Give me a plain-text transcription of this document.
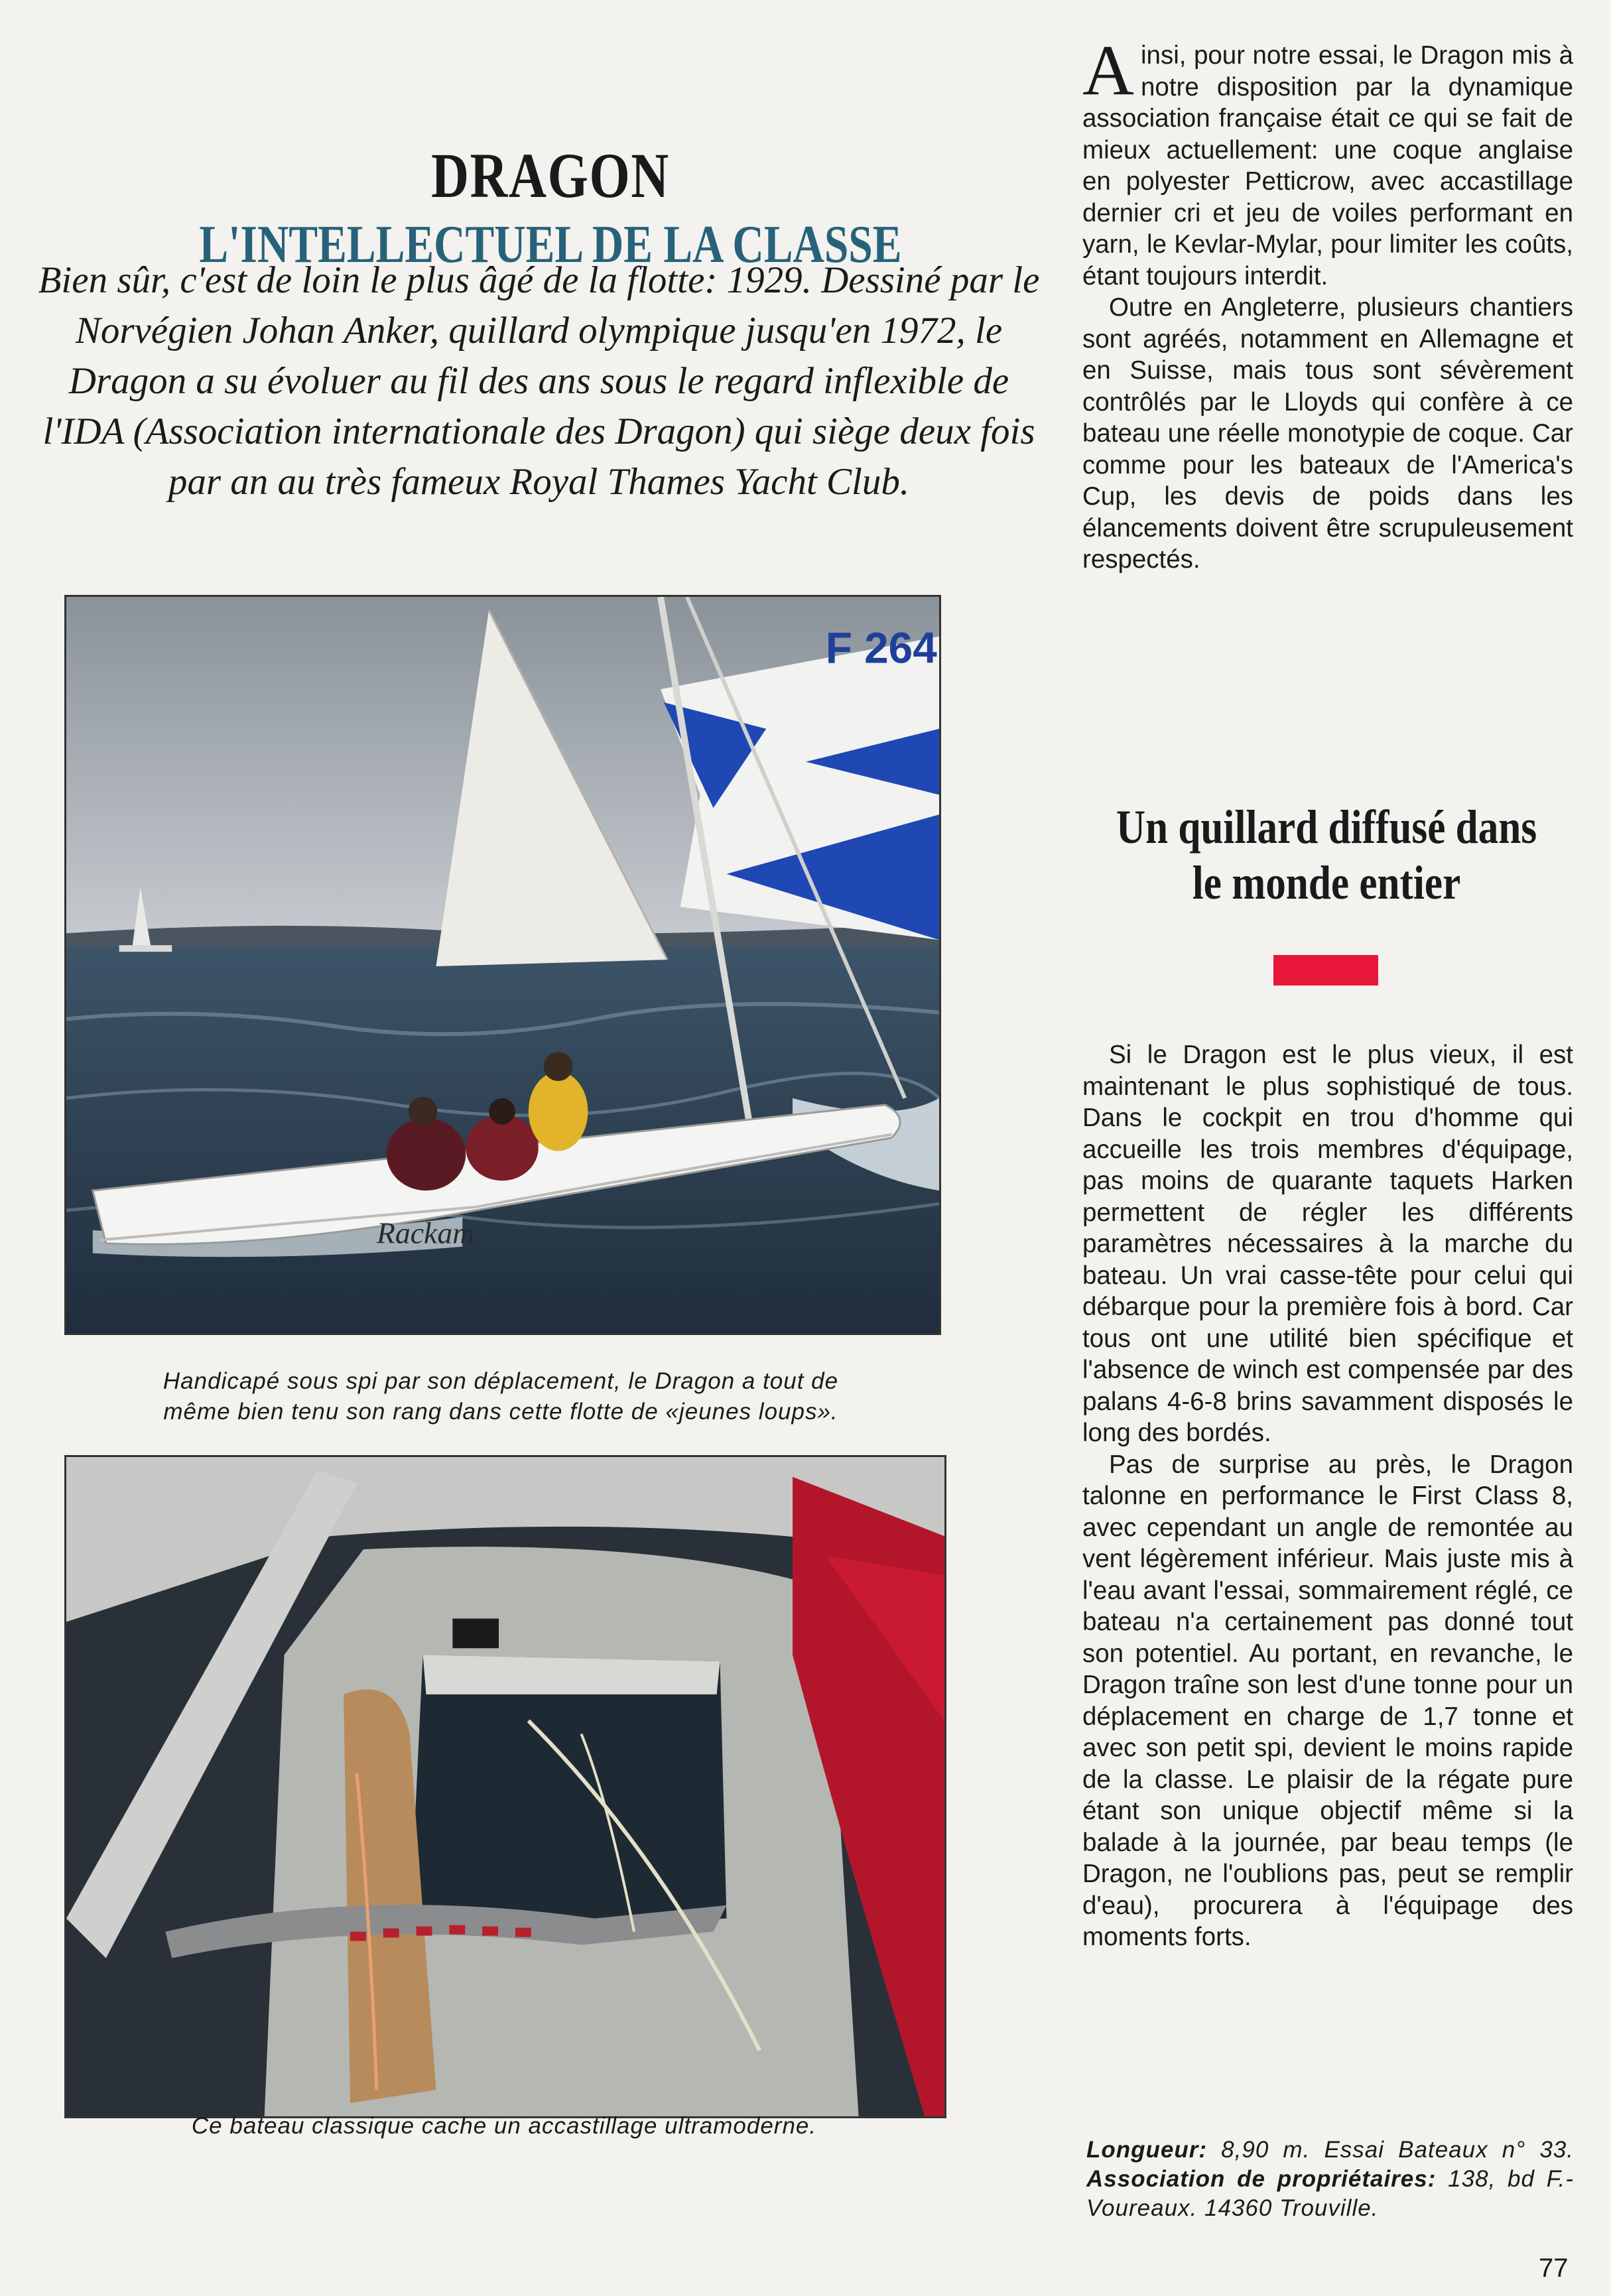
DRAGON
L'INTELLECTUEL DE LA CLASSE
Bien sûr, c'est de loin le plus âgé de la flotte: 1929. Dessiné par le Norvégien Johan Anker, quillard olympique jusqu'en 1972, le Dragon a su évoluer au fil des ans sous le regard inflexible de l'IDA (Association internationale des Dragon) qui siège deux fois par an au très fameux Royal Thames Yacht Club.
F 264
Rackam
Handicapé sous spi par son déplacement, le Dragon a tout de même bien tenu son rang dans cette flotte de «jeunes loups».
Ce bateau classique cache un accastillage ultramoderne.

Ainsi, pour notre essai, le Dragon mis à notre disposition par la dynamique association française était ce qui se fait de mieux actuellement: une coque anglaise en polyester Petticrow, avec accastillage dernier cri et jeu de voiles performant en yarn, le Kevlar-Mylar, pour limiter les coûts, étant toujours interdit.

Outre en Angleterre, plusieurs chantiers sont agréés, notamment en Allemagne et en Suisse, mais tous sont sévèrement contrôlés par le Lloyds qui confère à ce bateau une réelle monotypie de coque. Car comme pour les bateaux de l'America's Cup, les devis de poids dans les élancements doivent être scrupuleusement respectés.

Un quillard diffusé dans le monde entier

Si le Dragon est le plus vieux, il est maintenant le plus sophistiqué de tous. Dans le cockpit en trou d'homme qui accueille les trois membres d'équipage, pas moins de quarante taquets Harken permettent de régler les différents paramètres nécessaires à la marche du bateau. Un vrai casse-tête pour celui qui débarque pour la première fois à bord. Car tous ont une utilité bien spécifique et l'absence de winch est compensée par des palans 4-6-8 brins savamment disposés le long des bordés.

Pas de surprise au près, le Dragon talonne en performance le First Class 8, avec cependant un angle de remontée au vent légèrement inférieur. Mais juste mis à l'eau avant l'essai, sommairement réglé, ce bateau n'a certainement pas donné tout son potentiel. Au portant, en revanche, le Dragon traîne son lest d'une tonne pour un déplacement en charge de 1,7 tonne et avec son petit spi, devient le moins rapide de la classe. Le plaisir de la régate pure étant son unique objectif même si la balade à la journée, par beau temps (le Dragon, ne l'oublions pas, peut se remplir d'eau), procurera à l'équipage des moments forts.

Longueur: 8,90 m. Essai Bateaux n° 33. Association de propriétaires: 138, bd F.-Voureaux. 14360 Trouville.
77
